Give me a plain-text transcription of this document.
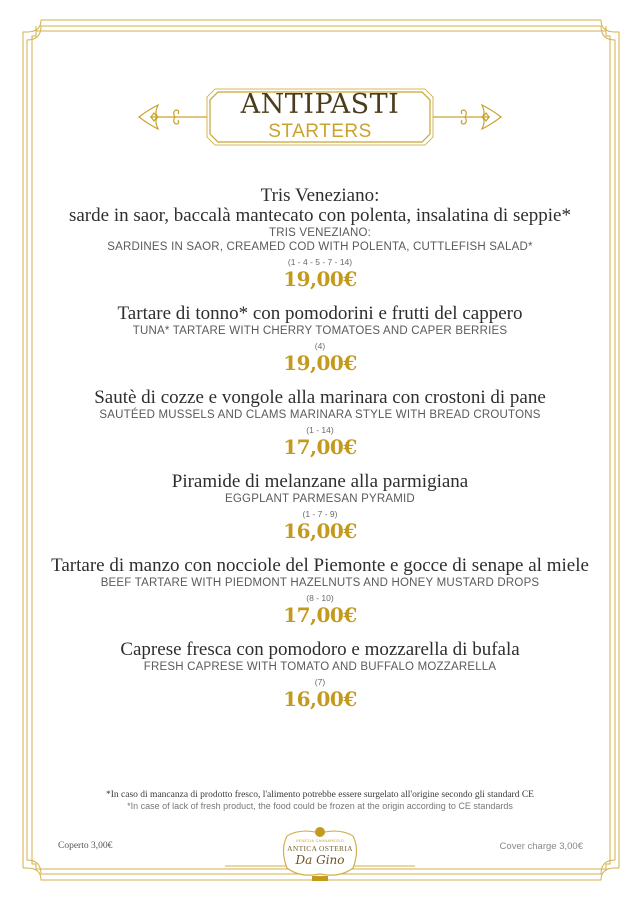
ANTIPASTI
STARTERS
Tris Veneziano:
sarde in saor, baccalà mantecato con polenta, insalatina di seppie*
TRIS VENEZIANO:
SARDINES IN SAOR, CREAMED COD WITH POLENTA, CUTTLEFISH SALAD*
(1 - 4 - 5 - 7 - 14)
19,00€
Tartare di tonno* con pomodorini e frutti del cappero
TUNA* TARTARE WITH CHERRY TOMATOES AND CAPER BERRIES
(4)
19,00€
Sautè di cozze e vongole alla marinara con crostoni di pane
SAUTÉED MUSSELS AND CLAMS MARINARA STYLE WITH BREAD CROUTONS
(1 - 14)
17,00€
Piramide di melanzane alla parmigiana
EGGPLANT PARMESAN PYRAMID
(1 - 7 - 9)
16,00€
Tartare di manzo con nocciole del Piemonte e gocce di senape al miele
BEEF TARTARE WITH PIEDMONT HAZELNUTS AND HONEY MUSTARD DROPS
(8 - 10)
17,00€
Caprese fresca con pomodoro e mozzarella di bufala
FRESH CAPRESE WITH TOMATO AND BUFFALO MOZZARELLA
(7)
16,00€
*In caso di mancanza di prodotto fresco, l'alimento potrebbe essere surgelato all'origine secondo gli standard CE
*In case of lack of fresh product, the food could be frozen at the origin according to CE standards
Coperto 3,00€	Cover charge 3,00€
VENEZIA CANNAREGIO
ANTICA OSTERIA
Da Gino
